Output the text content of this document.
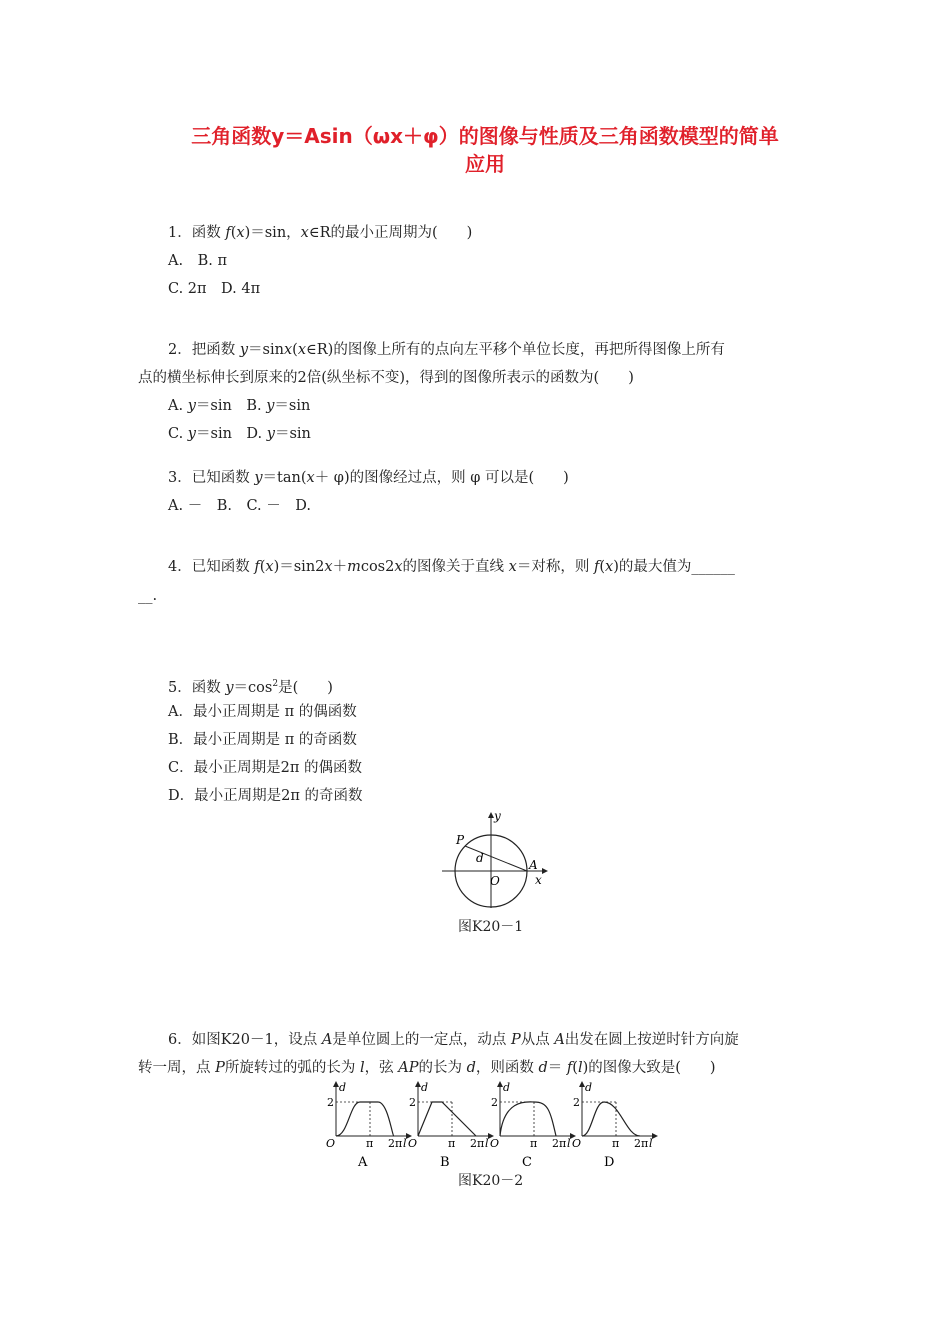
三角函数y＝Asin（ωx＋φ）的图像与性质及三角函数模型的简单
应用
1．函数 f(x)＝sin，x∈R的最小正周期为(　　)
A.　B. π
C. 2π　D. 4π
2．把函数 y＝sinx(x∈R)的图像上所有的点向左平移个单位长度，再把所得图像上所有
点的横坐标伸长到原来的2倍(纵坐标不变)，得到的图像所表示的函数为(　　)
A. y＝sin　B. y＝sin
C. y＝sin　D. y＝sin
3．已知函数 y＝tan(x＋ φ)的图像经过点，则 φ 可以是(　　)
A. －　B.　C. －　D.
4．已知函数 f(x)＝sin2x＋mcos2x的图像关于直线 x＝对称，则 f(x)的最大值为______
__.
5．函数 $y=\cos^2$是(　　)
A．最小正周期是 π 的偶函数
B．最小正周期是 π 的奇函数
C．最小正周期是2π 的偶函数
D．最小正周期是2π 的奇函数
y
x
P
d	A
O
图K20－1
6．如图K20－1，设点 A是单位圆上的一定点，动点 P从点 A出发在圆上按逆时针方向旋
转一周，点 P所旋转过的弧的长为 l，弦 AP的长为 d，则函数 d＝ f(l)的图像大致是(　　)
d
2
O	π 2π l
A
d
2
O	π 2π l
B
d
2
O	π 2π l
C
d
2
O	π 2π l
D
图K20－2
